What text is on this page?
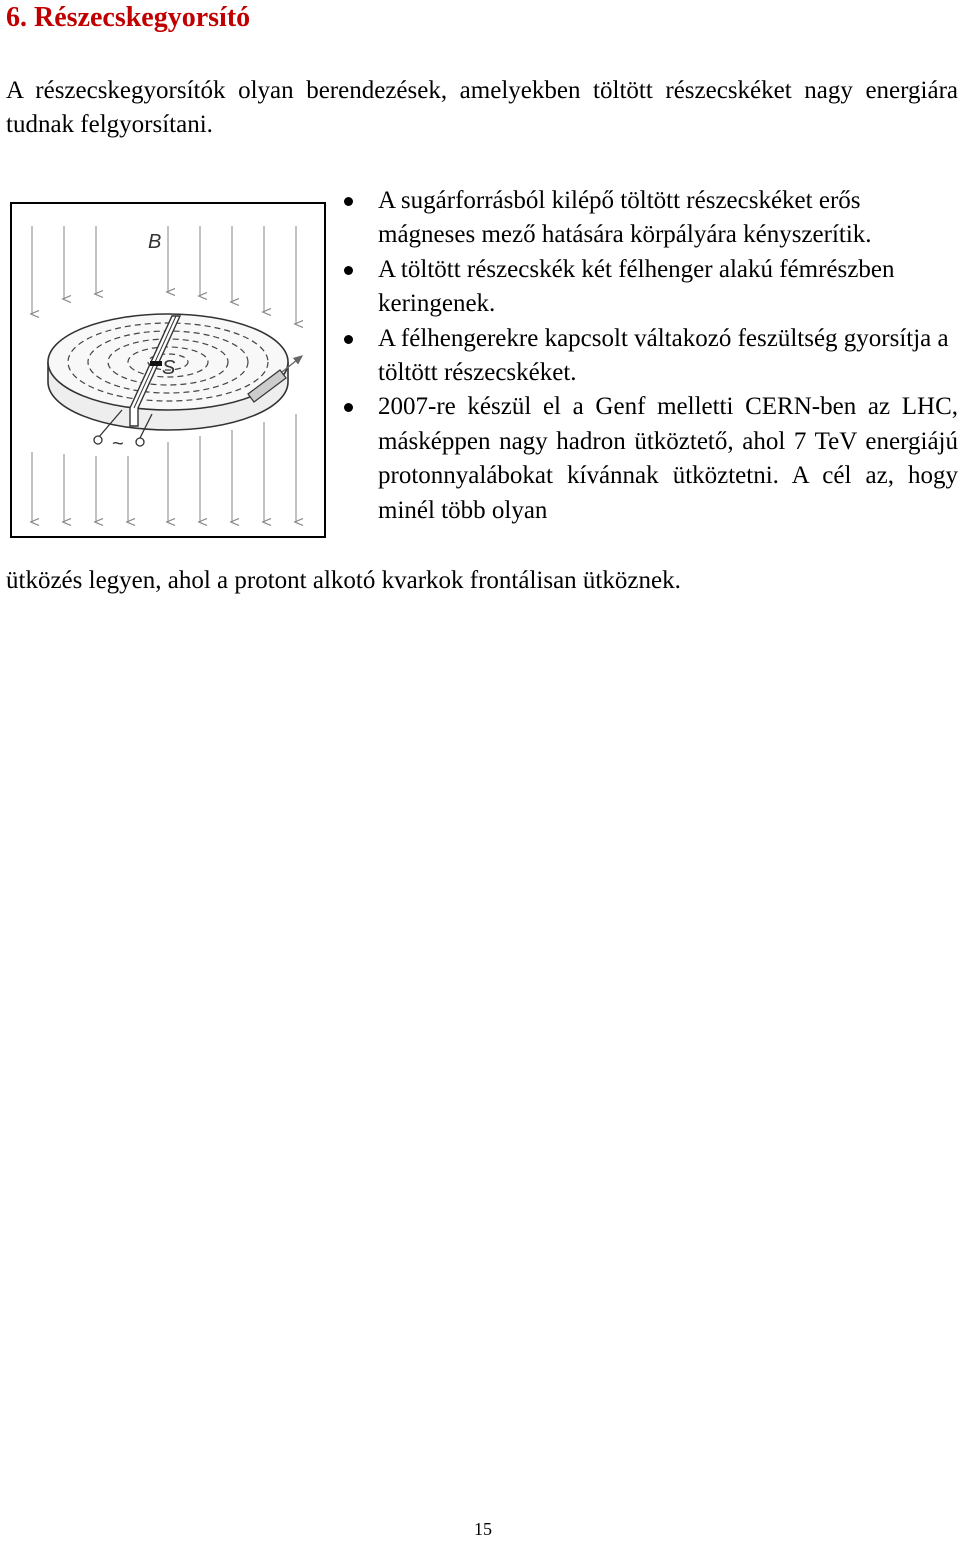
6. Részecskegyorsító
A részecskegyorsítók olyan berendezések, amelyekben töltött részecskéket nagy energiára tudnak felgyorsítani.
B
S
~
A sugárforrásból kilépő töltött részecskéket erős mágneses mező hatására körpályára kényszerítik.
A töltött részecskék két félhenger alakú fémrészben keringenek.
A félhengerekre kapcsolt váltakozó feszültség gyorsítja a töltött részecskéket.
2007-re készül el a Genf melletti CERN-ben az LHC, másképpen nagy hadron ütköztető, ahol 7 TeV energiájú protonnyalábokat kívánnak ütköztetni. A cél az, hogy minél több olyan
ütközés legyen, ahol a protont alkotó kvarkok frontálisan ütköznek.
15
